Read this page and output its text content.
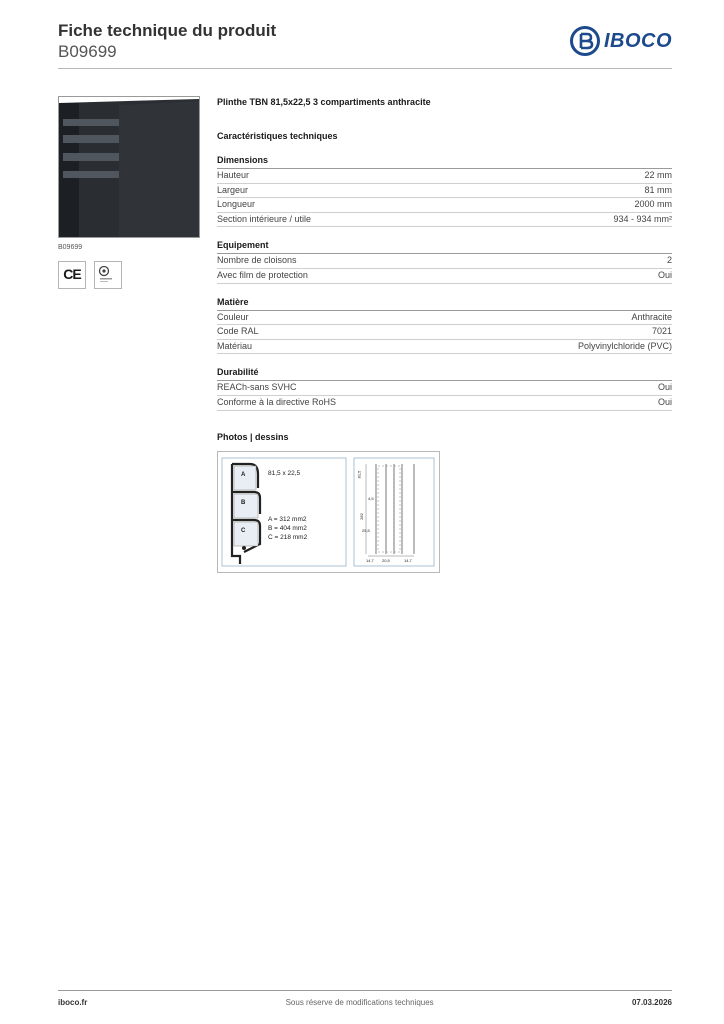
Fiche technique du produit
B09699	IBOCO
B09699
CE
Plinthe TBN 81,5x22,5 3 compartiments anthracite
Caractéristiques techniques
Dimensions
Hauteur	22 mm
Largeur	81 mm
Longueur	2000 mm
Section intérieure / utile	934 - 934 mm²
Equipement
Nombre de cloisons	2
Avec film de protection	Oui
Matière
Couleur	Anthracite
Code RAL	7021
Matériau	Polyvinylchloride (PVC)
Durabilité
REACh-sans SVHC	Oui
Conforme à la directive RoHS	Oui
Photos | dessins
A
B
C
81,5 x 22,5
A = 312 mm2
B = 404 mm2
C = 218 mm2
81,5
4,5
282
25,5
14,7 20,5	14,7
iboco.fr	Sous réserve de modifications techniques	07.03.2026
